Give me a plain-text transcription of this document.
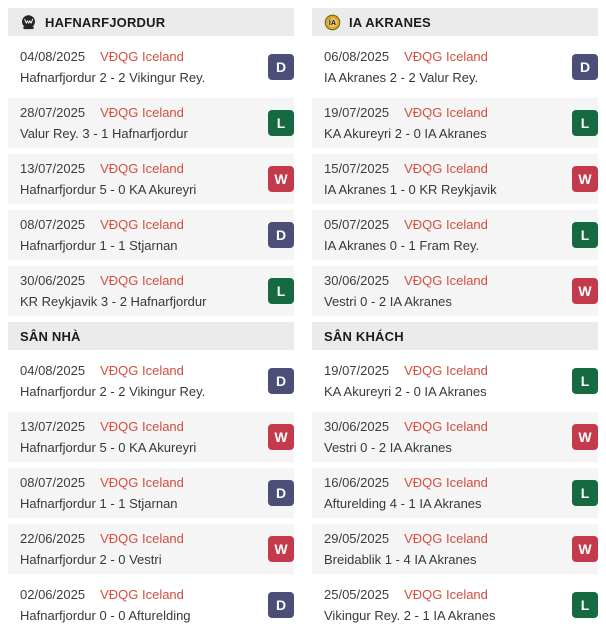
HAFNARFJORDUR
04/08/2025 VĐQG Iceland
Hafnarfjordur 2 - 2 Vikingur Rey.
D
28/07/2025 VĐQG Iceland
Valur Rey. 3 - 1 Hafnarfjordur
L
13/07/2025 VĐQG Iceland
Hafnarfjordur 5 - 0 KA Akureyri
W
08/07/2025 VĐQG Iceland
Hafnarfjordur 1 - 1 Stjarnan
D
30/06/2025 VĐQG Iceland
KR Reykjavik 3 - 2 Hafnarfjordur
L
SÂN NHÀ
04/08/2025 VĐQG Iceland
Hafnarfjordur 2 - 2 Vikingur Rey.
D
13/07/2025 VĐQG Iceland
Hafnarfjordur 5 - 0 KA Akureyri
W
08/07/2025 VĐQG Iceland
Hafnarfjordur 1 - 1 Stjarnan
D
22/06/2025 VĐQG Iceland
Hafnarfjordur 2 - 0 Vestri
W
02/06/2025 VĐQG Iceland
Hafnarfjordur 0 - 0 Afturelding
D
ÍA IA AKRANES
06/08/2025 VĐQG Iceland
IA Akranes 2 - 2 Valur Rey.
D
19/07/2025 VĐQG Iceland
KA Akureyri 2 - 0 IA Akranes
L
15/07/2025 VĐQG Iceland
IA Akranes 1 - 0 KR Reykjavik
W
05/07/2025 VĐQG Iceland
IA Akranes 0 - 1 Fram Rey.
L
30/06/2025 VĐQG Iceland
Vestri 0 - 2 IA Akranes
W
SÂN KHÁCH
19/07/2025 VĐQG Iceland
KA Akureyri 2 - 0 IA Akranes
L
30/06/2025 VĐQG Iceland
Vestri 0 - 2 IA Akranes
W
16/06/2025 VĐQG Iceland
Afturelding 4 - 1 IA Akranes
L
29/05/2025 VĐQG Iceland
Breidablik 1 - 4 IA Akranes
W
25/05/2025 VĐQG Iceland
Vikingur Rey. 2 - 1 IA Akranes
L
